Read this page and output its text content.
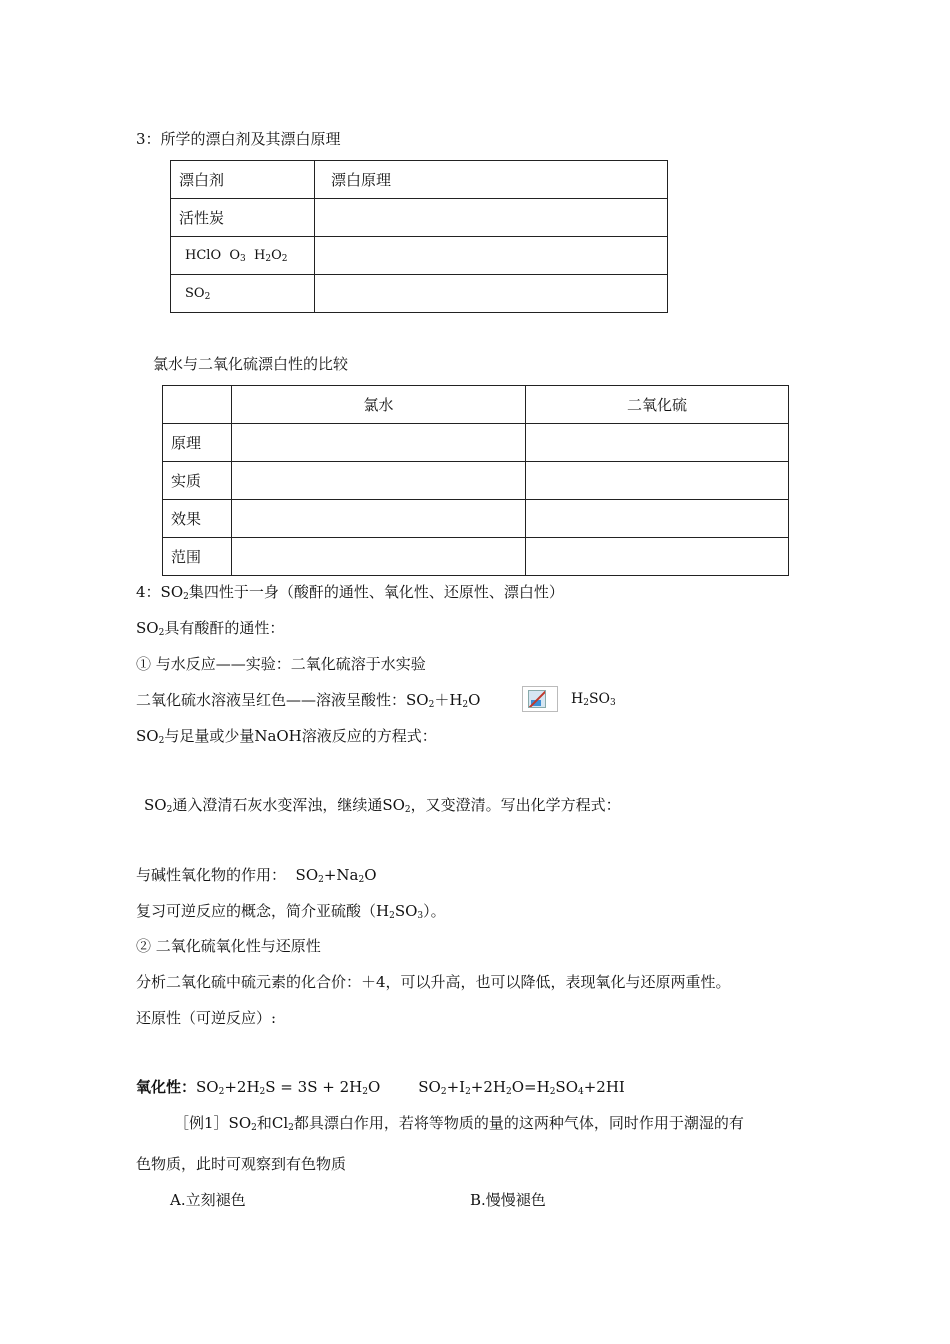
3：所学的漂白剂及其漂白原理
漂白剂	漂白原理
活性炭	
HClO  $O_3$  $H_2O_2$	
$SO_2$	
氯水与二氧化硫漂白性的比较
	氯水	二氧化硫
原理		
实质		
效果		
范围		
4：$SO_2$集四性于一身（酸酐的通性、氧化性、还原性、漂白性）
$SO_2$具有酸酐的通性：
① 与水反应——实验：二氧化硫溶于水实验
二氧化硫水溶液呈红色——溶液呈酸性：$SO_2+H_2O$	$H_2SO_3$
$SO_2$与足量或少量NaOH溶液反应的方程式：
$SO_2$通入澄清石灰水变浑浊，继续通$SO_2$，又变澄清。写出化学方程式：
与碱性氧化物的作用：  $SO_2+Na_2O$
复习可逆反应的概念，简介亚硫酸$(H_2SO_3)$。
② 二氧化硫氧化性与还原性
分析二氧化硫中硫元素的化合价：＋4，可以升高，也可以降低，表现氧化与还原两重性。
还原性（可逆反应）:
氧化性：$SO_2+2H_2S = 3S + 2H_2O$	$SO_2+I_2+2H_2O=H_2SO_4+2HI$
［例$1]SO_2$和$Cl_2$都具漂白作用，若将等物质的量的这两种气体，同时作用于潮湿的有
色物质，此时可观察到有色物质
A.立刻褪色	B.慢慢褪色
